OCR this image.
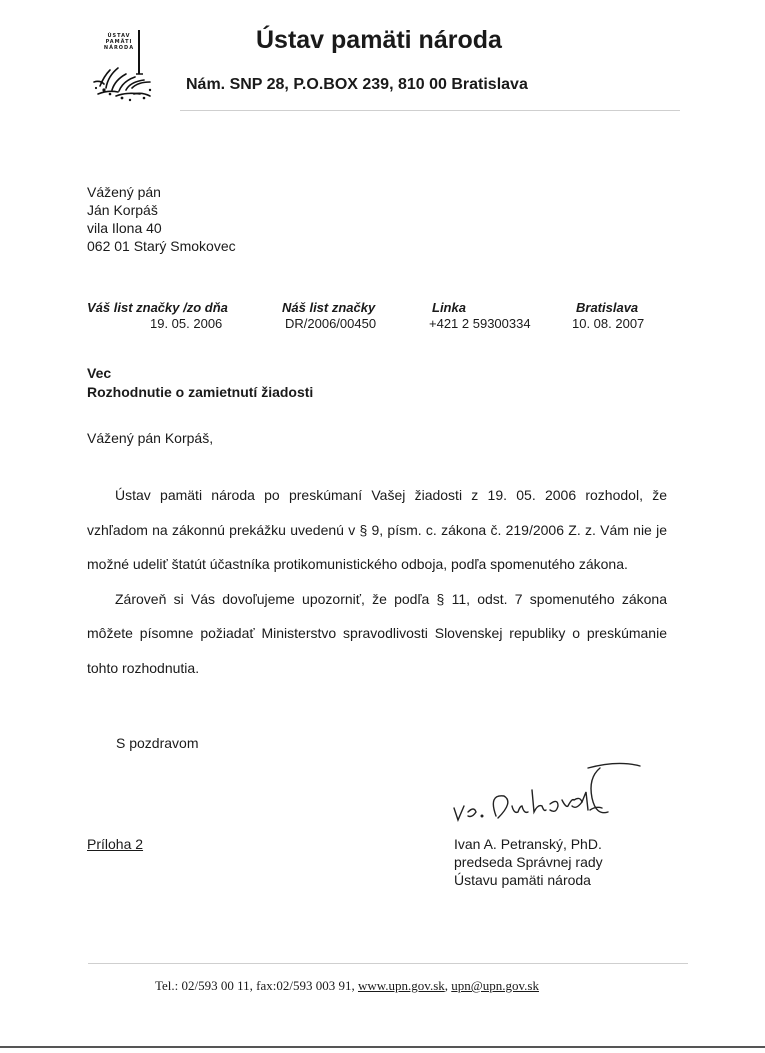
ÚSTAV
PAMÄTI
NÁRODA	Ústav pamäti národa
Nám. SNP 28, P.O.BOX 239, 810 00 Bratislava
Vážený pán
Ján Korpáš
vila Ilona 40
062 01 Starý Smokovec
Váš list značky /zo dňa
19. 05. 2006
Náš list značky
DR/2006/00450
Linka
+421 2 59300334
Bratislava
10. 08. 2007
Vec
Rozhodnutie o zamietnutí žiadosti
Vážený pán Korpáš,
Ústav pamäti národa po preskúmaní Vašej žiadosti z 19. 05. 2006 rozhodol, že vzhľadom na zákonnú prekážku uvedenú v § 9, písm. c. zákona č. 219/2006 Z. z. Vám nie je možné udeliť štatút účastníka protikomunistického odboja, podľa spomenutého zákona.
Zároveň si Vás dovoľujeme upozorniť, že podľa § 11, odst. 7 spomenutého zákona môžete písomne požiadať Ministerstvo spravodlivosti Slovenskej republiky o preskúmanie tohto rozhodnutia.
S pozdravom
Ivan A. Petranský, PhD.
predseda Správnej rady
Ústavu pamäti národa
Príloha 2
Tel.: 02/593 00 11, fax:02/593 003 91, www.upn.gov.sk, upn@upn.gov.sk
